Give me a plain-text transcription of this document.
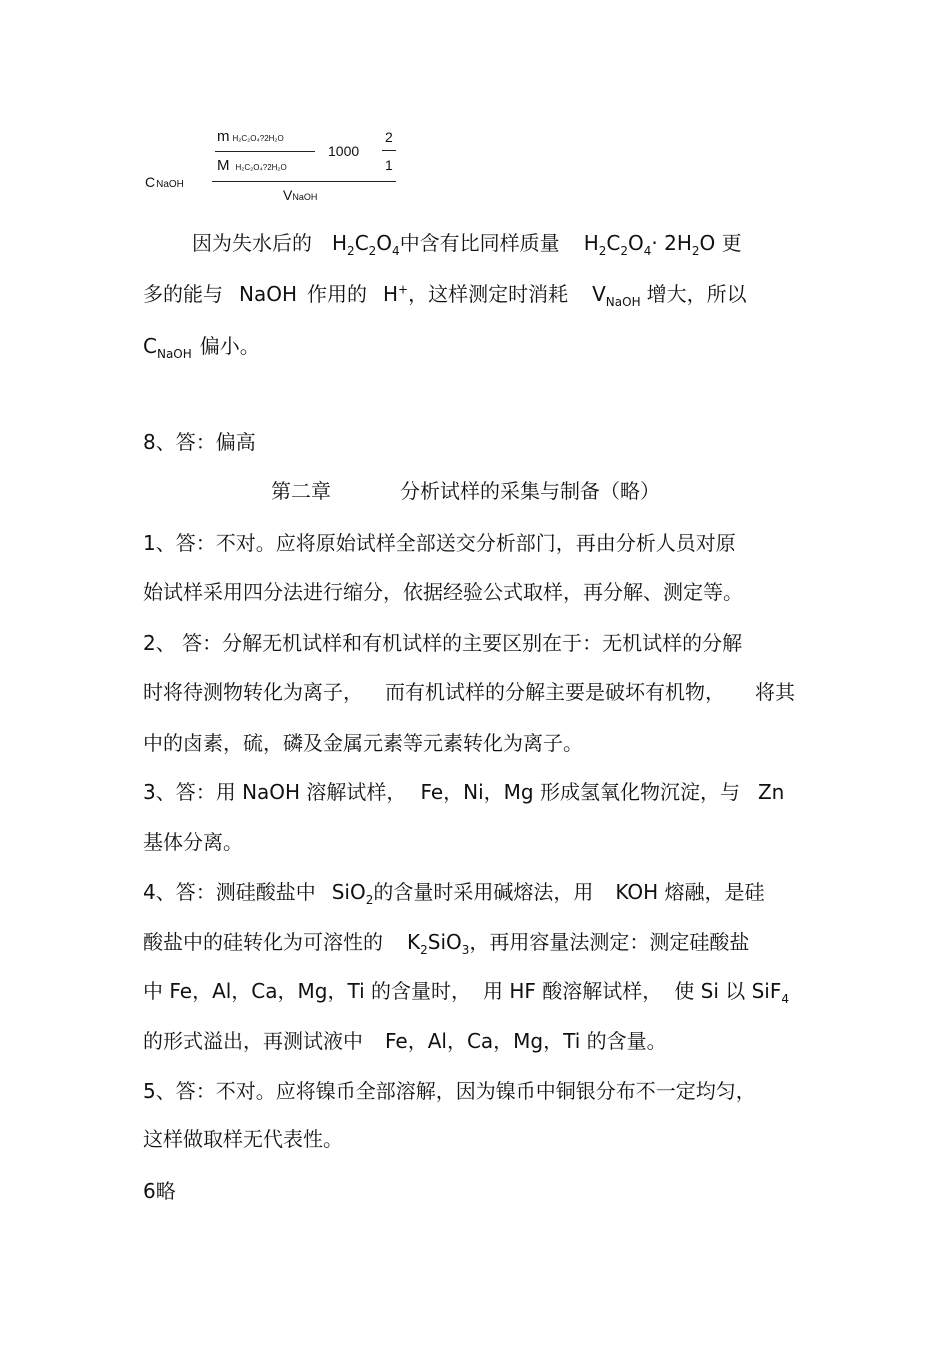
m H₂C₂O₄?2H₂O
M H₂C₂O₄?2H₂O
1000
2
1
CNaOH
VNaOH
因为失水后的 $H_2C_2O_4$中含有比同样质量 $H_2C_2O_4\cdot 2H_2O$ 更
多的能与 NaOH 作用的 H+，这样测定时消耗 $V_{NaOH}$ 增大，所以
$C_{NaOH}$ 偏小。
8、答：偏高
第二章	分析试样的采集与制备（略）
1、答：不对。应将原始试样全部送交分析部门，再由分析人员对原
始试样采用四分法进行缩分，依据经验公式取样，再分解、测定等。
2、 答：分解无机试样和有机试样的主要区别在于：无机试样的分解
时将待测物转化为离子， 而有机试样的分解主要是破坏有机物， 将其
中的卤素，硫，磷及金属元素等元素转化为离子。
3、答：用 NaOH 溶解试样， Fe，Ni，Mg 形成氢氧化物沉淀，与 Zn
基体分离。
4、答：测硅酸盐中 SiO$_2$的含量时采用碱熔法，用 KOH 熔融，是硅
酸盐中的硅转化为可溶性的 $K_2SiO_3$，再用容量法测定：测定硅酸盐
中 Fe，Al，Ca，Mg，Ti 的含量时， 用 HF 酸溶解试样， 使 Si 以 SiF$_4$
的形式溢出，再测试液中 Fe，Al，Ca，Mg，Ti 的含量。
5、答：不对。应将镍币全部溶解，因为镍币中铜银分布不一定均匀，
这样做取样无代表性。
6略
